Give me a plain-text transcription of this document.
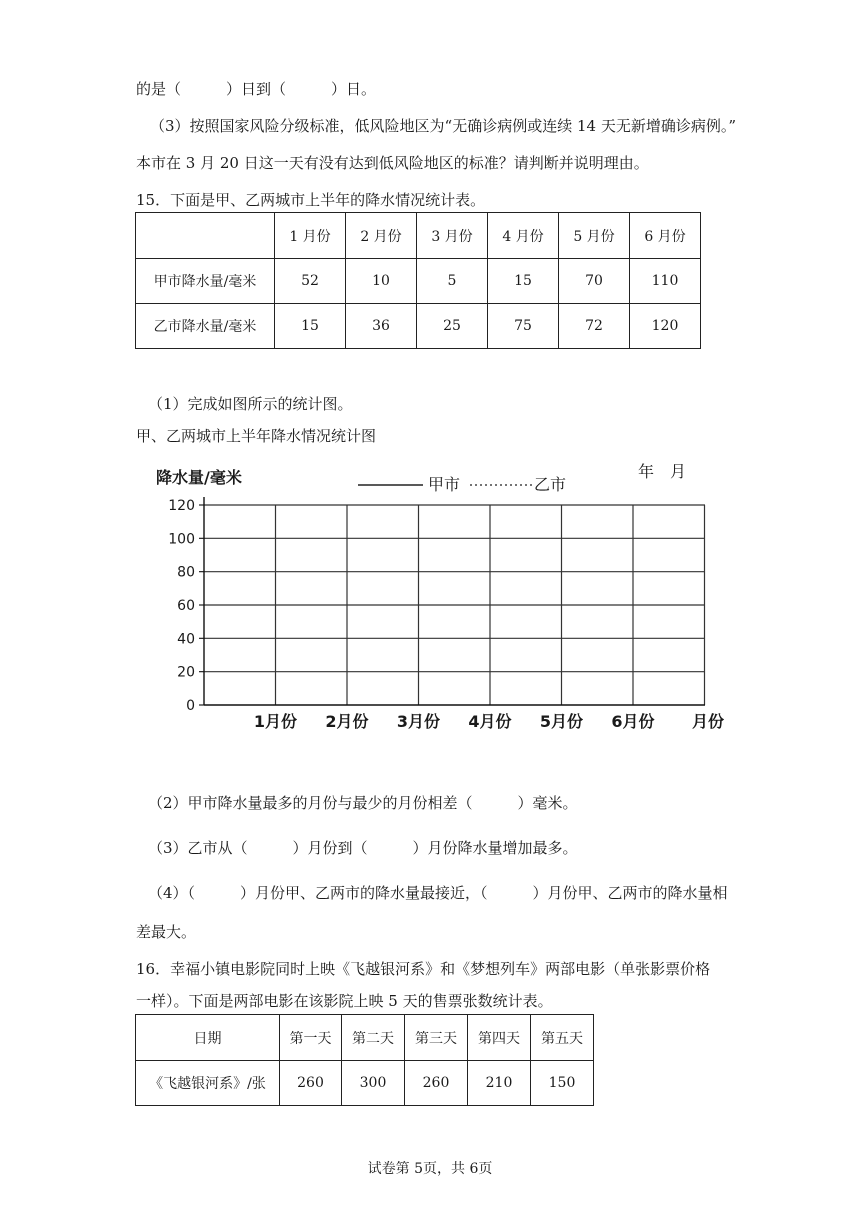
的是（　　　）日到（　　　）日。
（3）按照国家风险分级标准，低风险地区为“无确诊病例或连续 14 天无新增确诊病例。”
本市在 3 月 20 日这一天有没有达到低风险地区的标准？请判断并说明理由。
15．下面是甲、乙两城市上半年的降水情况统计表。
	1 月份	2 月份	3 月份	4 月份	5 月份	6 月份
甲市降水量/毫米	52	10	5	15	70	110
乙市降水量/毫米	15	36	25	75	72	120
（1）完成如图所示的统计图。
甲、乙两城市上半年降水情况统计图
0
20
40
60
80
100
120
1月份 2月份 3月份 4月份 5月份 6月份
降水量/毫米	甲市	乙市
年　月
月份
（2）甲市降水量最多的月份与最少的月份相差（　　　）毫米。
（3）乙市从（　　　）月份到（　　　）月份降水量增加最多。
（4）（　　　）月份甲、乙两市的降水量最接近，（　　　）月份甲、乙两市的降水量相
差最大。
16．幸福小镇电影院同时上映《飞越银河系》和《梦想列车》两部电影（单张影票价格
一样）。下面是两部电影在该影院上映 5 天的售票张数统计表。
日期	第一天	第二天	第三天	第四天	第五天
《飞越银河系》/张	260	300	260	210	150
试卷第 5页，共 6页
